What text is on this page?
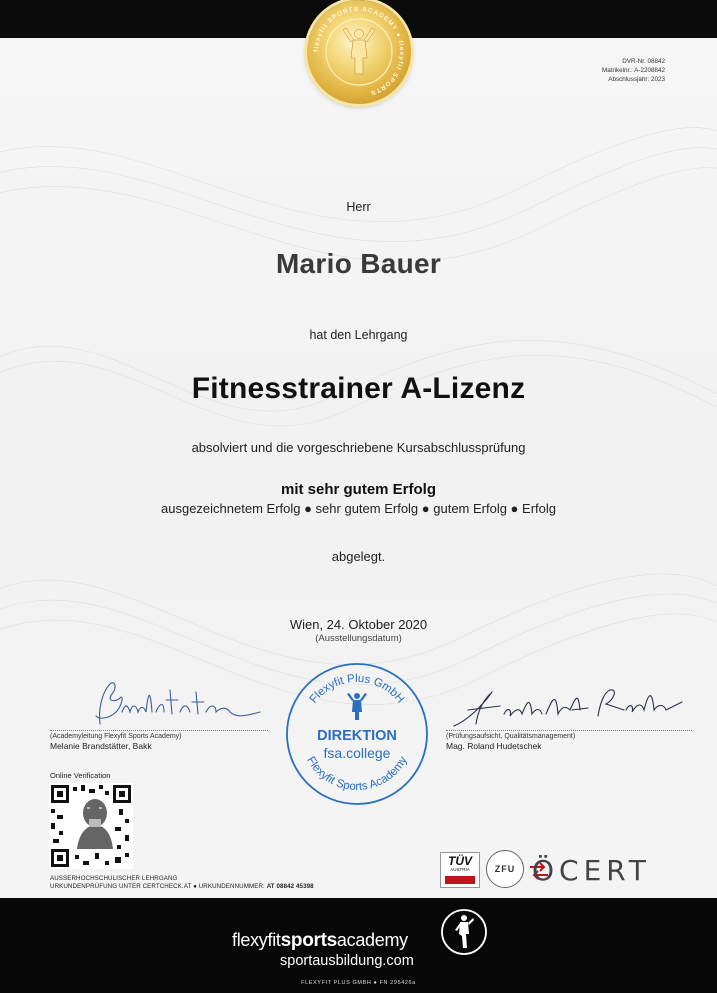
flexyfit SPORTS ACADEMY ● flexyfit SPORTS
DVR-Nr. 08842
Matrikelnr.: A-2208842
Abschlussjahr: 2023
Herr
Mario Bauer
hat den Lehrgang
Fitnesstrainer A-Lizenz
absolviert und die vorgeschriebene Kursabschlussprüfung
mit sehr gutem Erfolg
ausgezeichnetem Erfolg ● sehr gutem Erfolg ● gutem Erfolg ● Erfolg
abgelegt.
Wien, 24. Oktober 2020
(Ausstellungsdatum)
(Academyleitung Flexyfit Sports Academy)
Melanie Brandstätter, Bakk
(Prüfungsaufsicht, Qualitätsmanagement)
Mag. Roland Hudetschek
Flexyfit Plus GmbH
Flexyfit Sports Academy
DIREKTION
fsa.college
Online Verification
AUSSERHOCHSCHULISCHER LEHRGANG
URKUNDENPRÜFUNG UNTER CERTCHECK.AT ● URKUNDENNUMMER: AT 08842 45398
TÜV
AUSTRIA	ZFU ÖCERT
flexyfitsportsacademy
sportausbildung.com
FLEXYFIT PLUS GMBH ● FN 295426a
